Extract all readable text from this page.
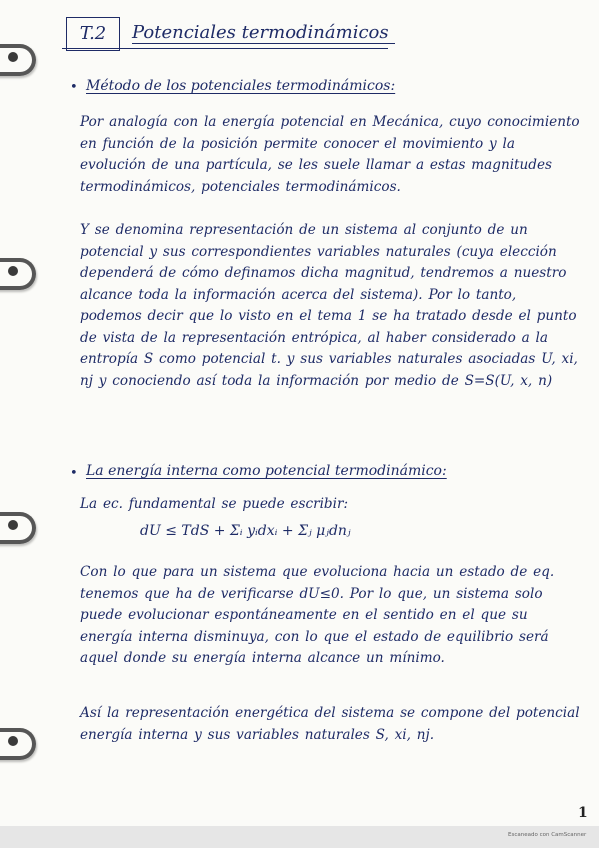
T.2	Potenciales termodinámicos
• Método de los potenciales termodinámicos:
Por analogía con la energía potencial en Mecánica, cuyo conocimiento en función de la posición permite conocer el movimiento y la evolución de una partícula, se les suele llamar a estas magnitudes termodinámicos, potenciales termodinámicos.
Y se denomina representación de un sistema al conjunto de un potencial y sus correspondientes variables naturales (cuya elección dependerá de cómo definamos dicha magnitud, tendremos a nuestro alcance toda la información acerca del sistema). Por lo tanto, podemos decir que lo visto en el tema 1 se ha tratado desde el punto de vista de la representación entrópica, al haber considerado a la entropía S como potencial t. y sus variables naturales asociadas U, xi, nj y conociendo así toda la información por medio de S=S(U, x, n)
• La energía interna como potencial termodinámico:
La ec. fundamental se puede escribir:
dU ≤ TdS + Σᵢ yᵢdxᵢ + Σⱼ μⱼdnⱼ
Con lo que para un sistema que evoluciona hacia un estado de eq. tenemos que ha de verificarse dU≤0. Por lo que, un sistema solo puede evolucionar espontáneamente en el sentido en el que su energía interna disminuya, con lo que el estado de equilibrio será aquel donde su energía interna alcance un mínimo.
Así la representación energética del sistema se compone del potencial energía interna y sus variables naturales S, xi, nj.
1
Escaneado con CamScanner
